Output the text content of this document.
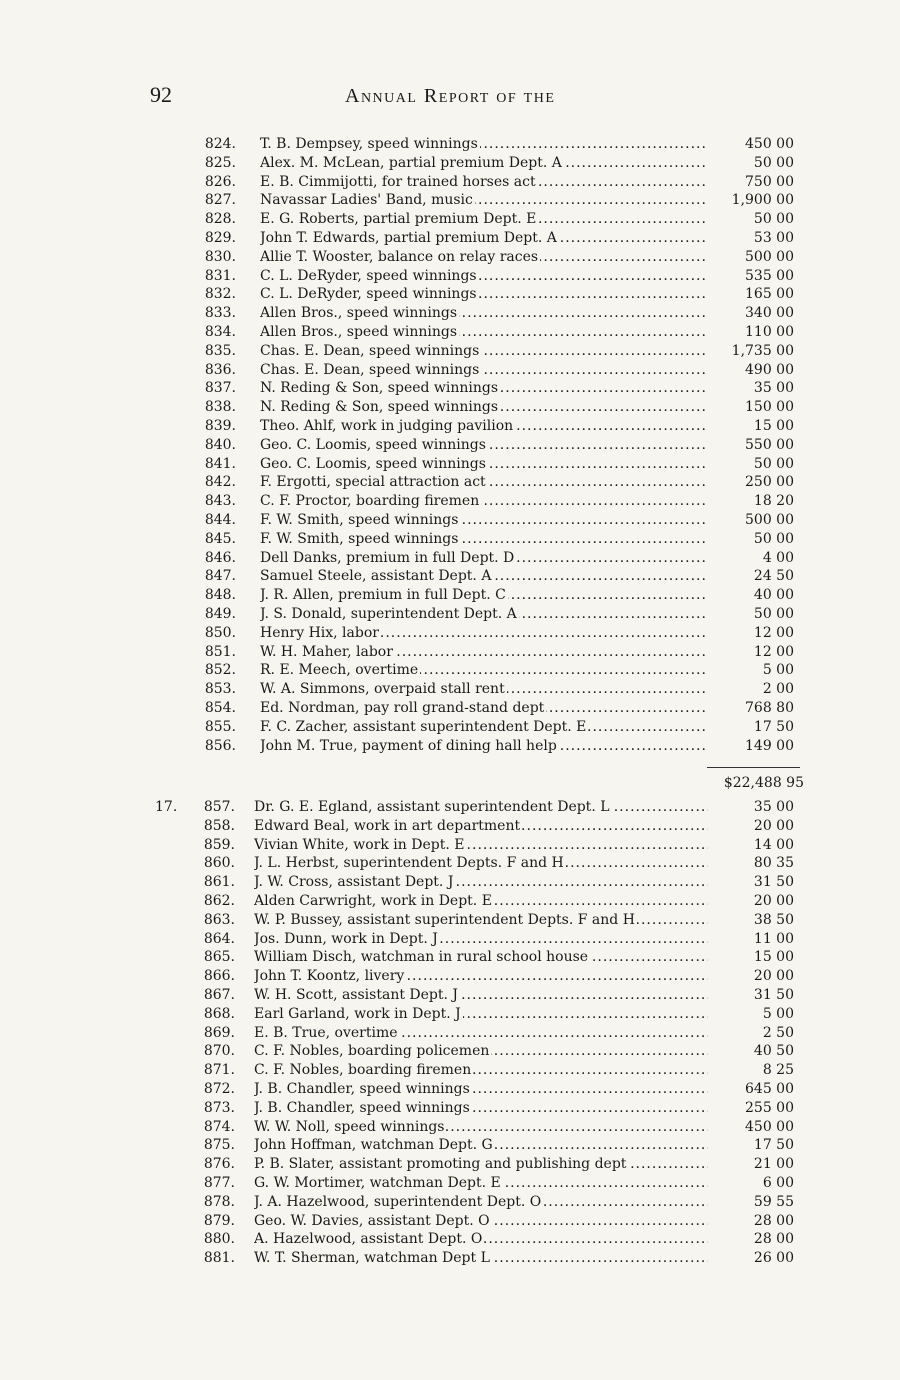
92	Annual Report of the
824. T. B. Dempsey, speed winnings .....	450 00
825. Alex. M. McLean, partial premium Dept. A .....	50 00
826. E. B. Cimmijotti, for trained horses act .....	750 00
827. Navassar Ladies' Band, music .....	1,900 00
828. E. G. Roberts, partial premium Dept. E .....	50 00
829. John T. Edwards, partial premium Dept. A .....	53 00
830. Allie T. Wooster, balance on relay races .....	500 00
831. C. L. DeRyder, speed winnings .....	535 00
832. C. L. DeRyder, speed winnings .....	165 00
833. Allen Bros., speed winnings .....	340 00
834. Allen Bros., speed winnings .....	110 00
835. Chas. E. Dean, speed winnings .....	1,735 00
836. Chas. E. Dean, speed winnings .....	490 00
837. N. Reding & Son, speed winnings .....	35 00
838. N. Reding & Son, speed winnings .....	150 00
839. Theo. Ahlf, work in judging pavilion .....	15 00
840. Geo. C. Loomis, speed winnings .....	550 00
841. Geo. C. Loomis, speed winnings .....	50 00
842. F. Ergotti, special attraction act .....	250 00
843. C. F. Proctor, boarding firemen .....	18 20
844. F. W. Smith, speed winnings .....	500 00
845. F. W. Smith, speed winnings .....	50 00
846. Dell Danks, premium in full Dept. D .....	4 00
847. Samuel Steele, assistant Dept. A .....	24 50
848. J. R. Allen, premium in full Dept. C .....	40 00
849. J. S. Donald, superintendent Dept. A .....	50 00
850. Henry Hix, labor .....	12 00
851. W. H. Maher, labor .....	12 00
852. R. E. Meech, overtime .....	5 00
853. W. A. Simmons, overpaid stall rent .....	2 00
854. Ed. Nordman, pay roll grand-stand dept .....	768 80
855. F. C. Zacher, assistant superintendent Dept. E .....	17 50
856. John M. True, payment of dining hall help .....	149 00
$22,488 95
17.	857. Dr. G. E. Egland, assistant superintendent Dept. L .....	35 00
858. Edward Beal, work in art department .....	20 00
859. Vivian White, work in Dept. E .....	14 00
860. J. L. Herbst, superintendent Depts. F and H .....	80 35
861. J. W. Cross, assistant Dept. J .....	31 50
862. Alden Carwright, work in Dept. E .....	20 00
863. W. P. Bussey, assistant superintendent Depts. F and H .....	38 50
864. Jos. Dunn, work in Dept. J .....	11 00
865. William Disch, watchman in rural school house .....	15 00
866. John T. Koontz, livery .....	20 00
867. W. H. Scott, assistant Dept. J .....	31 50
868. Earl Garland, work in Dept. J .....	5 00
869. E. B. True, overtime .....	2 50
870. C. F. Nobles, boarding policemen .....	40 50
871. C. F. Nobles, boarding firemen .....	8 25
872. J. B. Chandler, speed winnings .....	645 00
873. J. B. Chandler, speed winnings .....	255 00
874. W. W. Noll, speed winnings .....	450 00
875. John Hoffman, watchman Dept. G .....	17 50
876. P. B. Slater, assistant promoting and publishing dept .....	21 00
877. G. W. Mortimer, watchman Dept. E .....	6 00
878. J. A. Hazelwood, superintendent Dept. O .....	59 55
879. Geo. W. Davies, assistant Dept. O .....	28 00
880. A. Hazelwood, assistant Dept. O .....	28 00
881. W. T. Sherman, watchman Dept L .....	26 00
